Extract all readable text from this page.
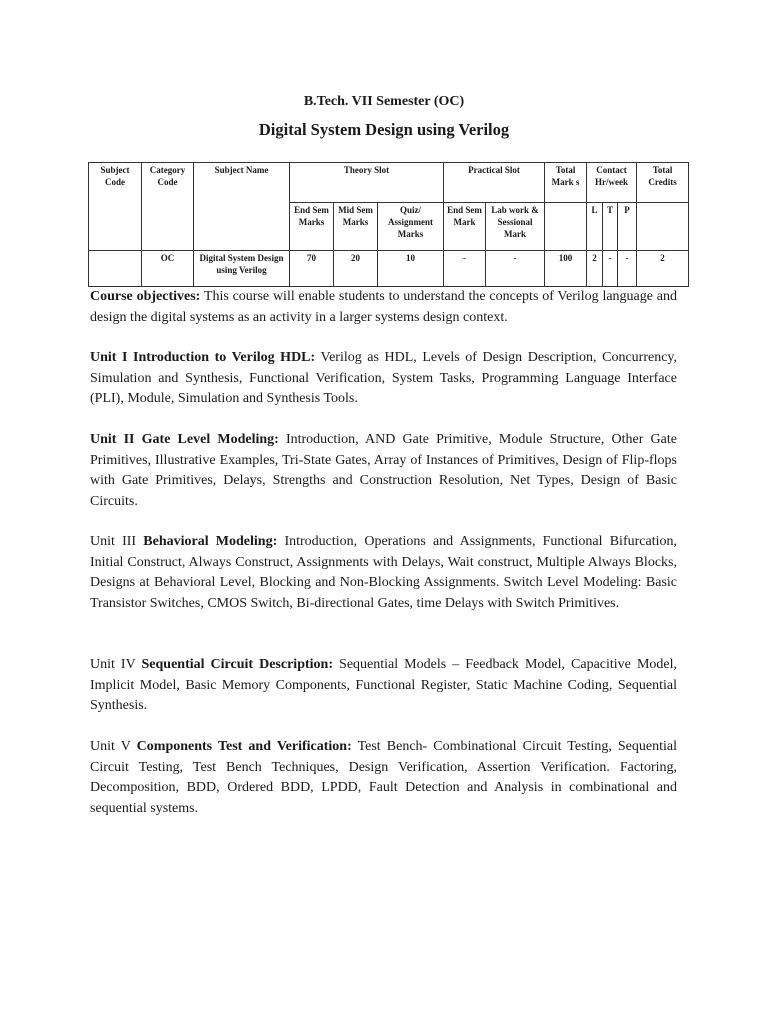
B.Tech. VII Semester (OC)
Digital System Design using Verilog
Subject Code	Category Code	Subject Name	Theory Slot			Practical Slot		Total Mark s	Contact Hr/week			Total Credits
			End Sem Marks	Mid Sem Marks	Quiz/ Assignment Marks	End Sem Mark	Lab work & Sessional Mark		L	T	P	
	OC	Digital System Design using Verilog	70	20	10	-	-	100	2	-	-	2
Course objectives: This course will enable students to understand the concepts of Verilog language and design the digital systems as an activity in a larger systems design context.
Unit I Introduction to Verilog HDL: Verilog as HDL, Levels of Design Description, Concurrency, Simulation and Synthesis, Functional Verification, System Tasks, Programming Language Interface (PLI), Module, Simulation and Synthesis Tools.
Unit II Gate Level Modeling: Introduction, AND Gate Primitive, Module Structure, Other Gate Primitives, Illustrative Examples, Tri-State Gates, Array of Instances of Primitives, Design of Flip-flops with Gate Primitives, Delays, Strengths and Construction Resolution, Net Types, Design of Basic Circuits.
Unit III Behavioral Modeling: Introduction, Operations and Assignments, Functional Bifurcation, Initial Construct, Always Construct, Assignments with Delays, Wait construct, Multiple Always Blocks, Designs at Behavioral Level, Blocking and Non-Blocking Assignments. Switch Level Modeling: Basic Transistor Switches, CMOS Switch, Bi-directional Gates, time Delays with Switch Primitives.
Unit IV Sequential Circuit Description: Sequential Models – Feedback Model, Capacitive Model, Implicit Model, Basic Memory Components, Functional Register, Static Machine Coding, Sequential Synthesis.
Unit V Components Test and Verification: Test Bench- Combinational Circuit Testing, Sequential Circuit Testing, Test Bench Techniques, Design Verification, Assertion Verification. Factoring, Decomposition, BDD, Ordered BDD, LPDD, Fault Detection and Analysis in combinational and sequential systems.
